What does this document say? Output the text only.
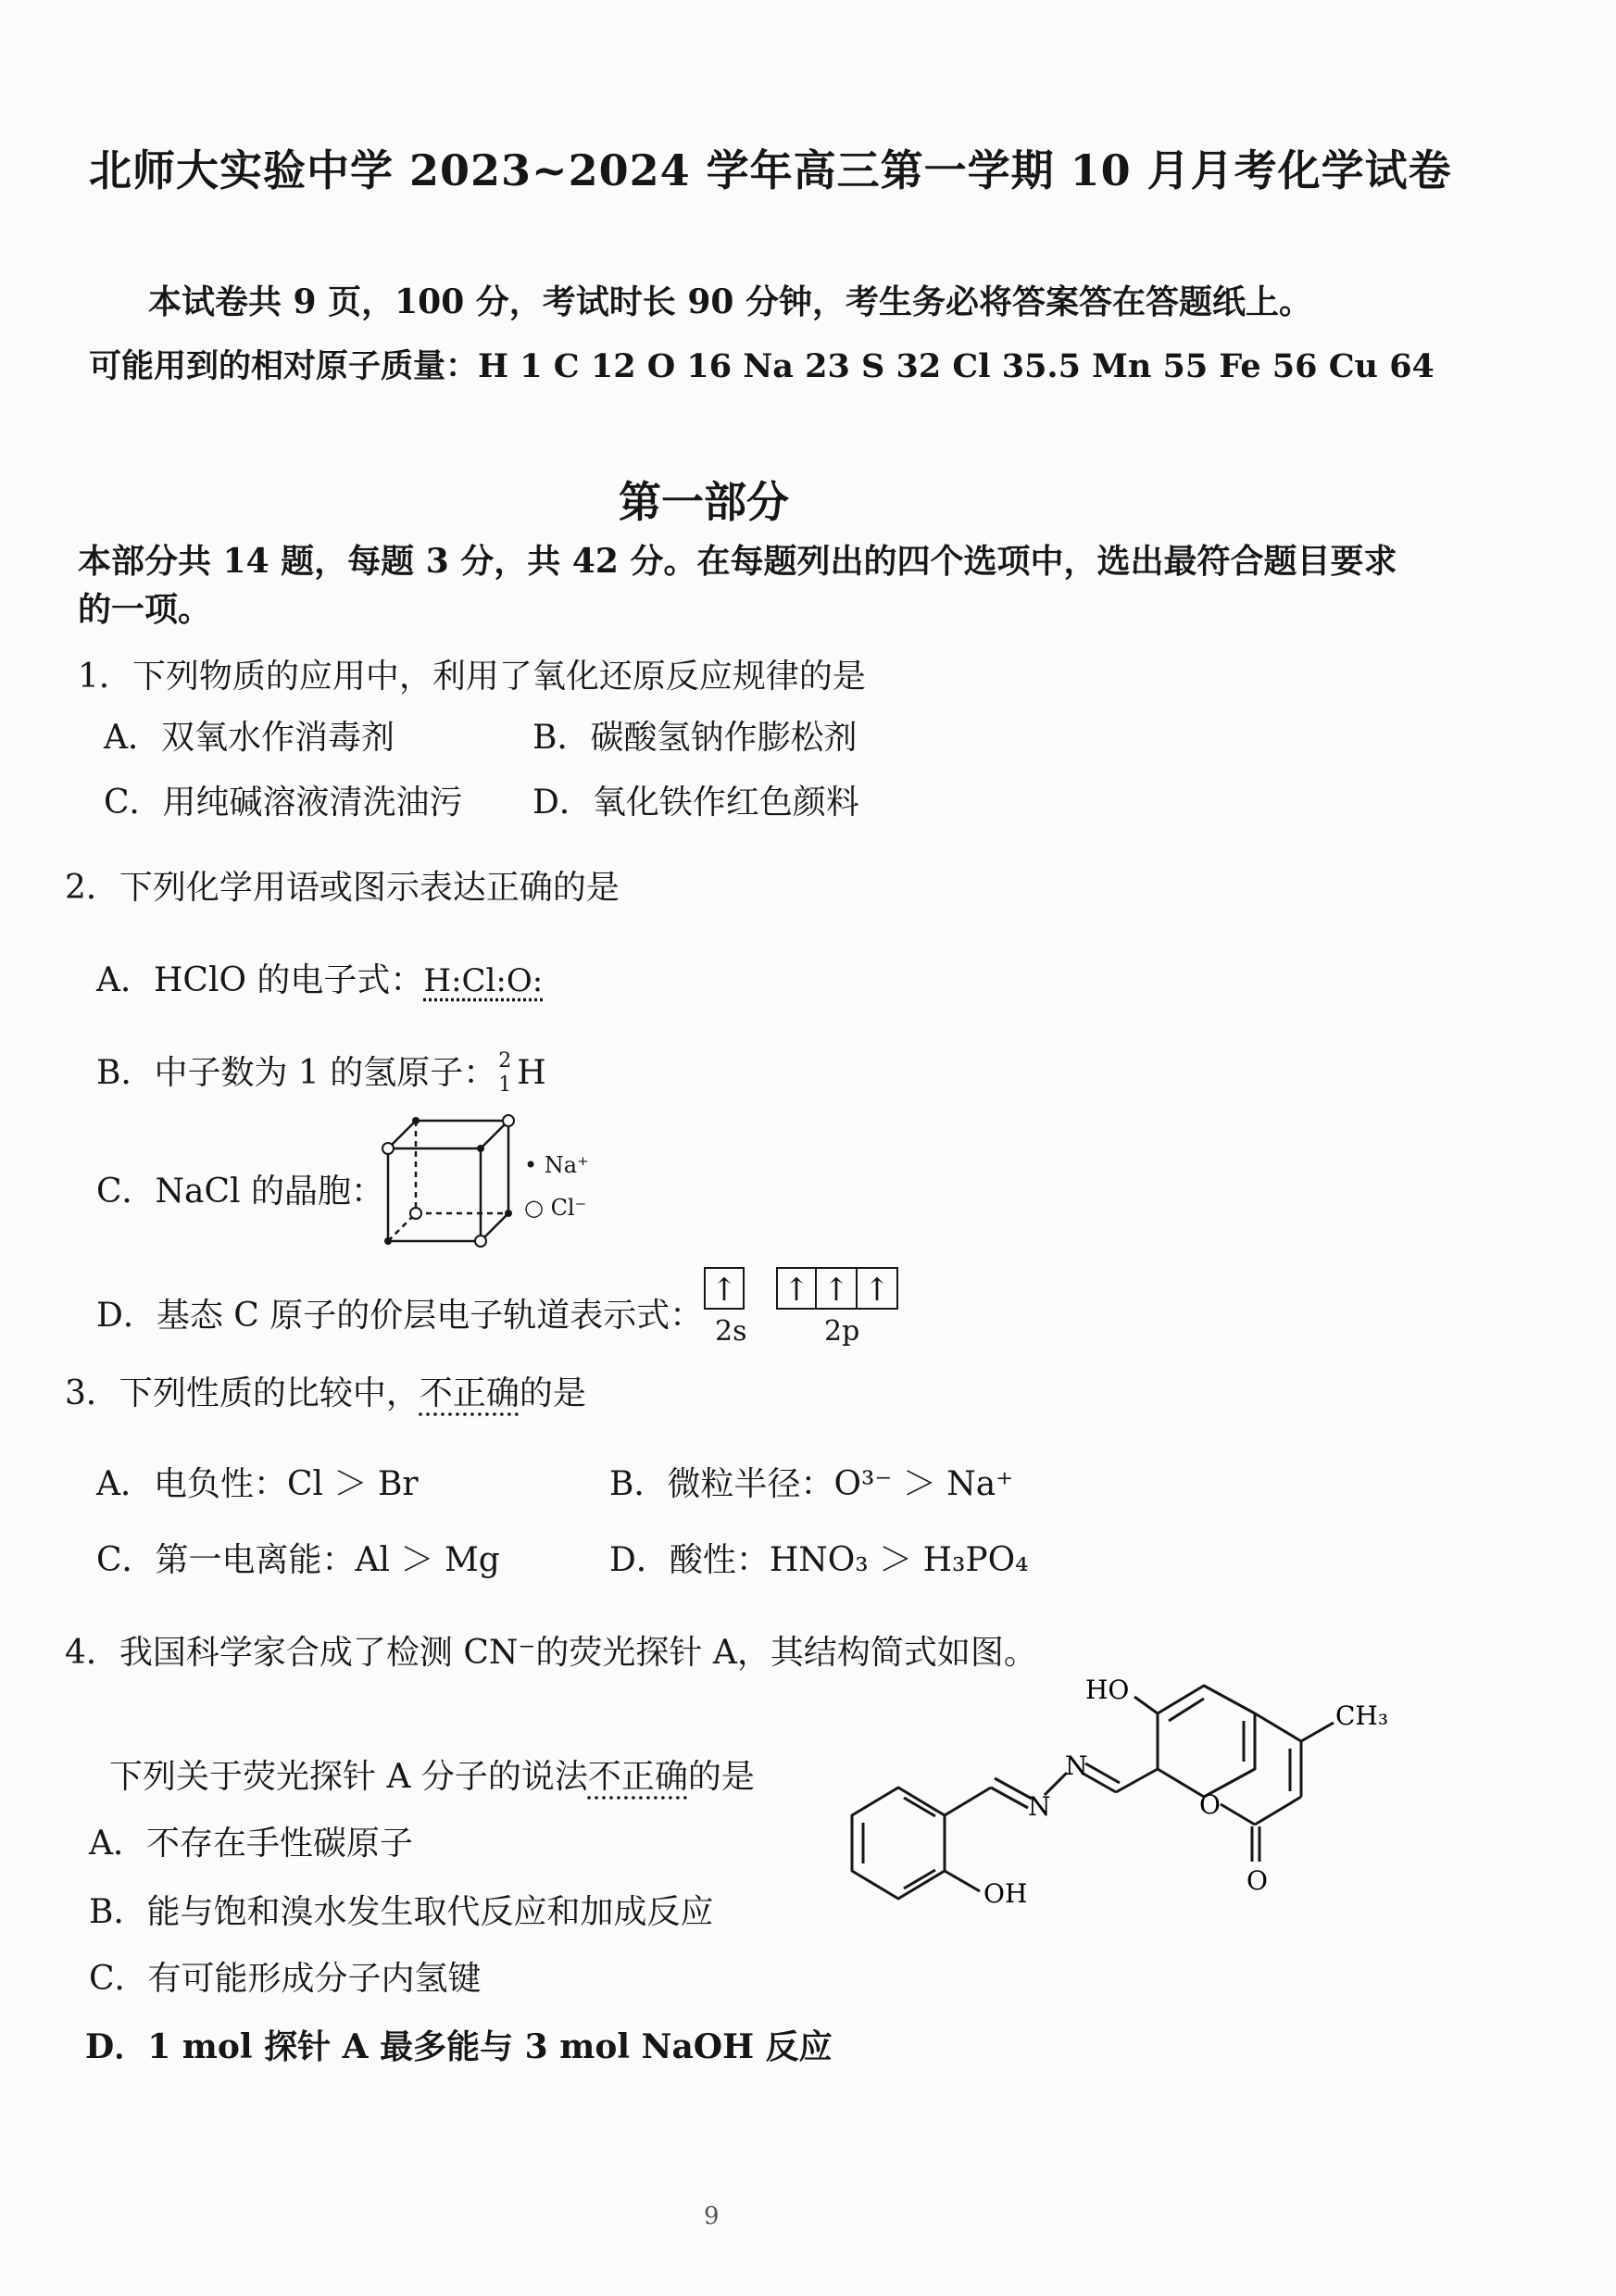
北师大实验中学 2023~2024 学年高三第一学期 10 月月考化学试卷
本试卷共 9 页，100 分，考试时长 90 分钟，考生务必将答案答在答题纸上。
可能用到的相对原子质量：H 1 C 12 O 16 Na 23 S 32 Cl 35.5 Mn 55 Fe 56 Cu 64
第一部分
本部分共 14 题，每题 3 分，共 42 分。在每题列出的四个选项中，选出最符合题目要求
的一项。
1．下列物质的应用中，利用了氧化还原反应规律的是
A．双氧水作消毒剂	B．碳酸氢钠作膨松剂
C．用纯碱溶液清洗油污 D．氧化铁作红色颜料
2．下列化学用语或图示表达正确的是
A．HClO 的电子式：H:Cl:O:
B．中子数为 1 的氢原子： 2
1 H
C．NaCl 的晶胞：
• Na⁺
○ Cl⁻
D．基态 C 原子的价层电子轨道表示式：
↑ ↑ ↑ ↑
2s	2p
3．下列性质的比较中，不正确的是
A．电负性：Cl ＞ Br	B．微粒半径：O³⁻ ＞ Na⁺
C．第一电离能：Al ＞ Mg	D．酸性：HNO₃ ＞ H₃PO₄
4．我国科学家合成了检测 CN⁻的荧光探针 A，其结构简式如图。
下列关于荧光探针 A 分子的说法不正确的是
A．不存在手性碳原子
B．能与饱和溴水发生取代反应和加成反应
C．有可能形成分子内氢键
D．1 mol 探针 A 最多能与 3 mol NaOH 反应
OH
N
N
HO
O
O
CH₃
9
